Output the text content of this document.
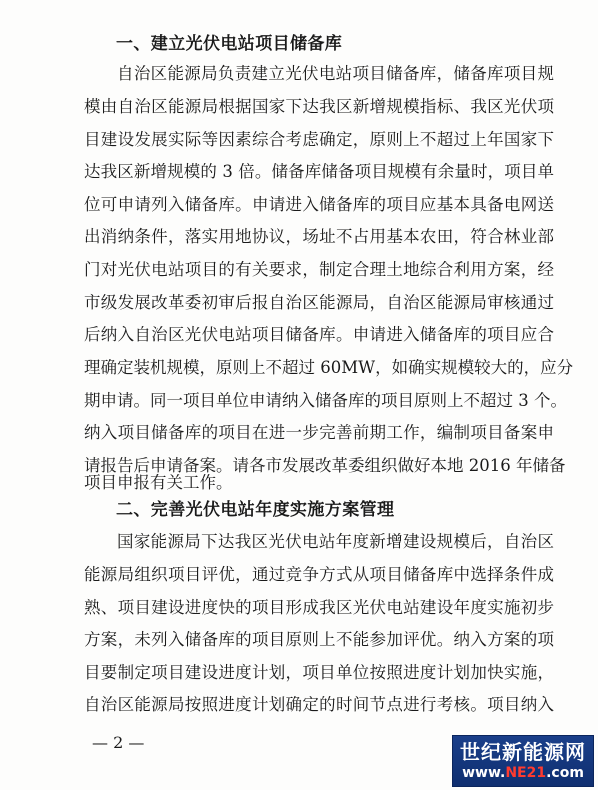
一、建立光伏电站项目储备库
自治区能源局负责建立光伏电站项目储备库，储备库项目规
模由自治区能源局根据国家下达我区新增规模指标、我区光伏项
目建设发展实际等因素综合考虑确定，原则上不超过上年国家下
达我区新增规模的 3 倍。储备库储备项目规模有余量时，项目单
位可申请列入储备库。申请进入储备库的项目应基本具备电网送
出消纳条件，落实用地协议，场址不占用基本农田，符合林业部
门对光伏电站项目的有关要求，制定合理土地综合利用方案，经
市级发展改革委初审后报自治区能源局，自治区能源局审核通过
后纳入自治区光伏电站项目储备库。申请进入储备库的项目应合
理确定装机规模，原则上不超过 60MW，如确实规模较大的，应分
期申请。同一项目单位申请纳入储备库的项目原则上不超过 3 个。
纳入项目储备库的项目在进一步完善前期工作，编制项目备案申
请报告后申请备案。请各市发展改革委组织做好本地 2016 年储备
项目申报有关工作。
二、完善光伏电站年度实施方案管理
国家能源局下达我区光伏电站年度新增建设规模后，自治区
能源局组织项目评优，通过竞争方式从项目储备库中选择条件成
熟、项目建设进度快的项目形成我区光伏电站建设年度实施初步
方案，未列入储备库的项目原则上不能参加评优。纳入方案的项
目要制定项目建设进度计划，项目单位按照进度计划加快实施，
自治区能源局按照进度计划确定的时间节点进行考核。项目纳入
— 2 —	世纪新能源网
www.NE21.com
